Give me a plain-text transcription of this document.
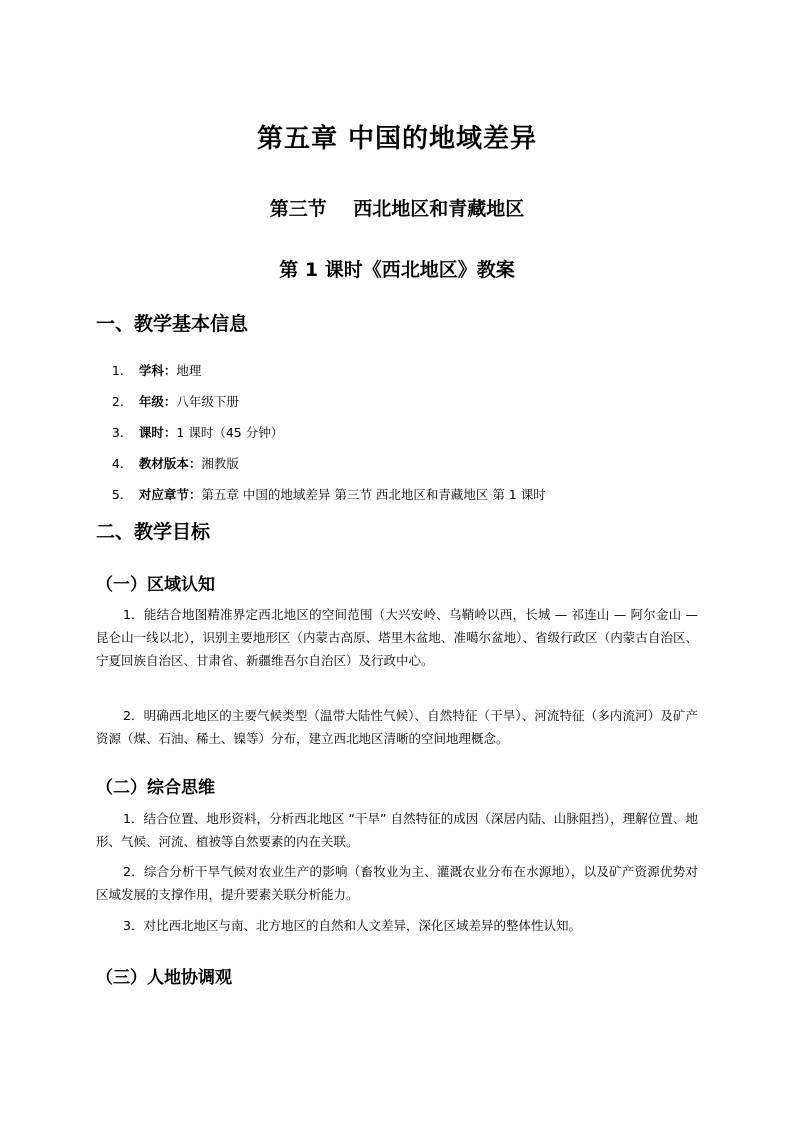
第五章 中国的地域差异
第三节    西北地区和青藏地区
第 1 课时《西北地区》教案
一、教学基本信息

1. 学科：地理

2. 年级：八年级下册

3. 课时：1 课时（45 分钟）

4. 教材版本：湘教版

5. 对应章节：第五章 中国的地域差异 第三节 西北地区和青藏地区 第 1 课时

二、教学目标
（一）区域认知
1．能结合地图精准界定西北地区的空间范围（大兴安岭、乌鞘岭以西，长城 — 祁连山 — 阿尔金山 — 昆仑山一线以北），识别主要地形区（内蒙古高原、塔里木盆地、准噶尔盆地）、省级行政区（内蒙古自治区、宁夏回族自治区、甘肃省、新疆维吾尔自治区）及行政中心。
2．明确西北地区的主要气候类型（温带大陆性气候）、自然特征（干旱）、河流特征（多内流河）及矿产资源（煤、石油、稀土、镍等）分布，建立西北地区清晰的空间地理概念。
（二）综合思维
1．结合位置、地形资料，分析西北地区 “干旱” 自然特征的成因（深居内陆、山脉阻挡），理解位置、地形、气候、河流、植被等自然要素的内在关联。
2．综合分析干旱气候对农业生产的影响（畜牧业为主、灌溉农业分布在水源地），以及矿产资源优势对区域发展的支撑作用，提升要素关联分析能力。
3．对比西北地区与南、北方地区的自然和人文差异，深化区域差异的整体性认知。
（三）人地协调观
